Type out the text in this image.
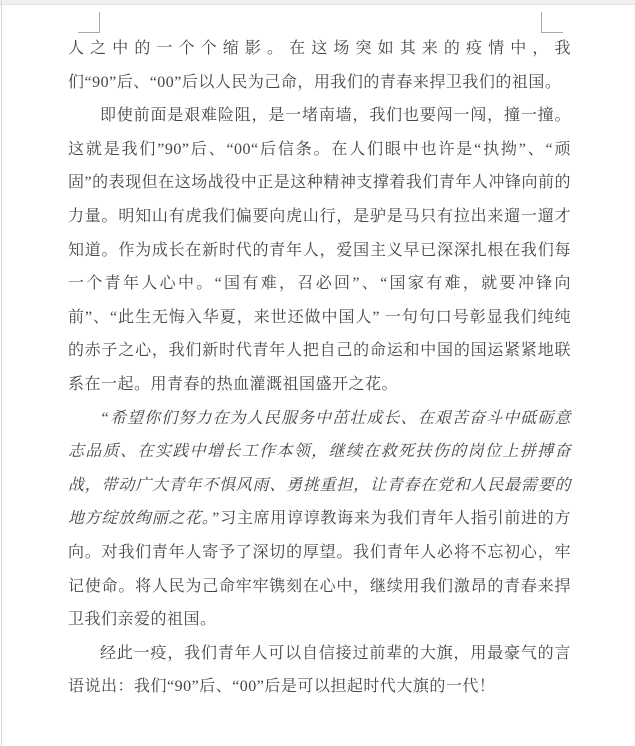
人之中的一个个缩影。在这场突如其来的疫情中，我们“90”后、“00”后以人民为己命，用我们的青春来捍卫我们的祖国。

即使前面是艰难险阻，是一堵南墙，我们也要闯一闯，撞一撞。这就是我们”90”后、“00“后信条。在人们眼中也许是“执拗”、“顽固”的表现但在这场战役中正是这种精神支撑着我们青年人冲锋向前的力量。明知山有虎我们偏要向虎山行，是驴是马只有拉出来遛一遛才知道。作为成长在新时代的青年人，爱国主义早已深深扎根在我们每一个青年人心中。“国有难，召必回”、“国家有难，就要冲锋向前”、“此生无悔入华夏，来世还做中国人” 一句句口号彰显我们纯纯的赤子之心，我们新时代青年人把自己的命运和中国的国运紧紧地联系在一起。用青春的热血灌溉祖国盛开之花。

“希望你们努力在为人民服务中茁壮成长、在艰苦奋斗中砥砺意志品质、在实践中增长工作本领，继续在救死扶伤的岗位上拼搏奋战，带动广大青年不惧风雨、勇挑重担，让青春在党和人民最需要的地方绽放绚丽之花。”习主席用谆谆教诲来为我们青年人指引前进的方向。对我们青年人寄予了深切的厚望。我们青年人必将不忘初心，牢记使命。将人民为己命牢牢镌刻在心中，继续用我们激昂的青春来捍卫我们亲爱的祖国。

经此一疫，我们青年人可以自信接过前辈的大旗，用最豪气的言语说出：我们“90”后、“00”后是可以担起时代大旗的一代！
